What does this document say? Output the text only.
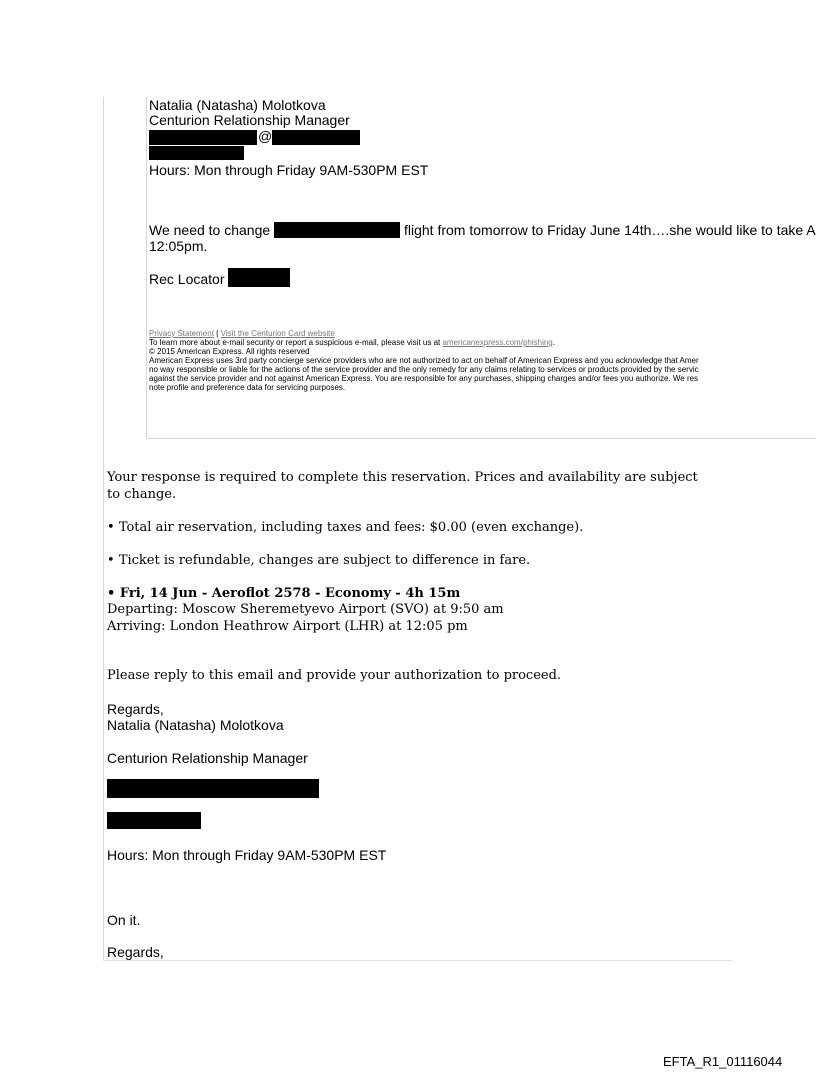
Natalia (Natasha) Molotkova
Centurion Relationship Manager
@
Hours: Mon through Friday 9AM-530PM EST
We need to change	flight from tomorrow to Friday June 14th….she would like to take A
12:05pm.
Rec Locator
Privacy Statement | Visit the Centurion Card website
To learn more about e-mail security or report a suspicious e-mail, please visit us at americanexpress.com/phishing.
© 2015 American Express. All rights reserved
American Express uses 3rd party concierge service providers who are not authorized to act on behalf of American Express and you acknowledge that Amer
no way responsible or liable for the actions of the service provider and the only remedy for any claims relating to services or products provided by the servic
against the service provider and not against American Express. You are responsible for any purchases, shipping charges and/or fees you authorize. We res
note profile and preference data for servicing purposes.
Your response is required to complete this reservation. Prices and availability are subject
to change.
• Total air reservation, including taxes and fees: $0.00 (even exchange).
• Ticket is refundable, changes are subject to difference in fare.
• Fri, 14 Jun - Aeroflot 2578 - Economy - 4h 15m
Departing: Moscow Sheremetyevo Airport (SVO) at 9:50 am
Arriving: London Heathrow Airport (LHR) at 12:05 pm
Please reply to this email and provide your authorization to proceed.
Regards,
Natalia (Natasha) Molotkova
Centurion Relationship Manager
Hours: Mon through Friday 9AM-530PM EST
On it.
Regards,
EFTA_R1_01116044
